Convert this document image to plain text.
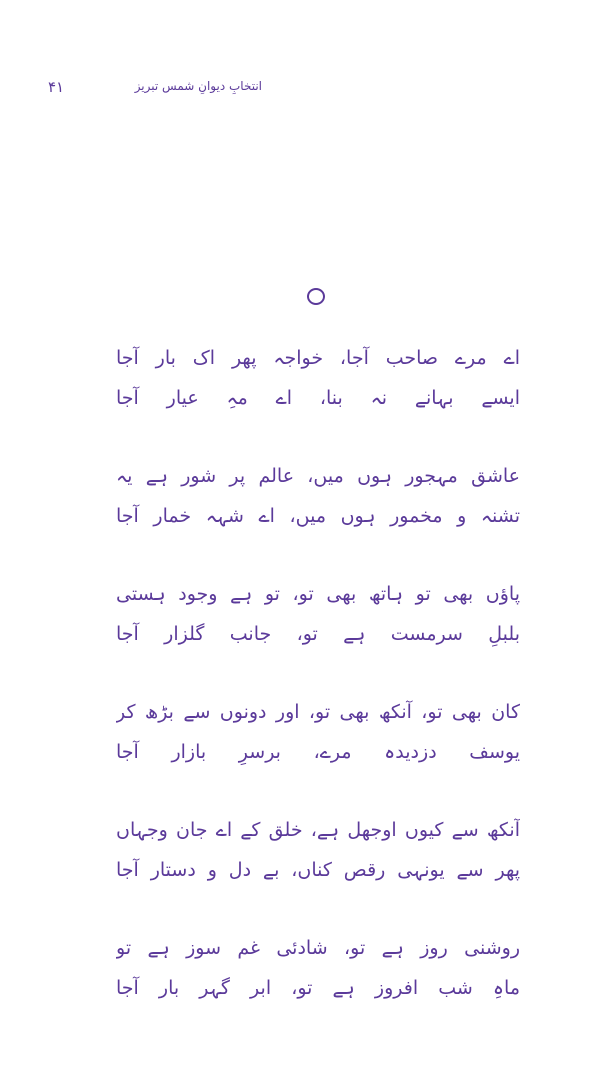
۴۱	انتخابِ دیوانِ شمس تبریز
اے مرے صاحب آجا، خواجہ پھر اک بار آجا
ایسے بہانے نہ بنا، اے مہِ عیار آجا
عاشق مہجور ہوں میں، عالم پر شور ہے یہ
تشنہ و مخمور ہوں میں، اے شہہ خمار آجا
پاؤں بھی تو ہاتھ بھی تو، تو ہے وجود ہستی
بلبلِ سرمست ہے تو، جانب گلزار آجا
کان بھی تو، آنکھ بھی تو، اور دونوں سے بڑھ کر
یوسف دزدیدہ مرے، برسرِ بازار آجا
آنکھ سے کیوں اوجھل ہے، خلق کے اے جان وجہاں
پھر سے یونہی رقص کناں، بے دل و دستار آجا
روشنی روز ہے تو، شادئی غم سوز ہے تو
ماہِ شب افروز ہے تو، ابر گہر بار آجا
